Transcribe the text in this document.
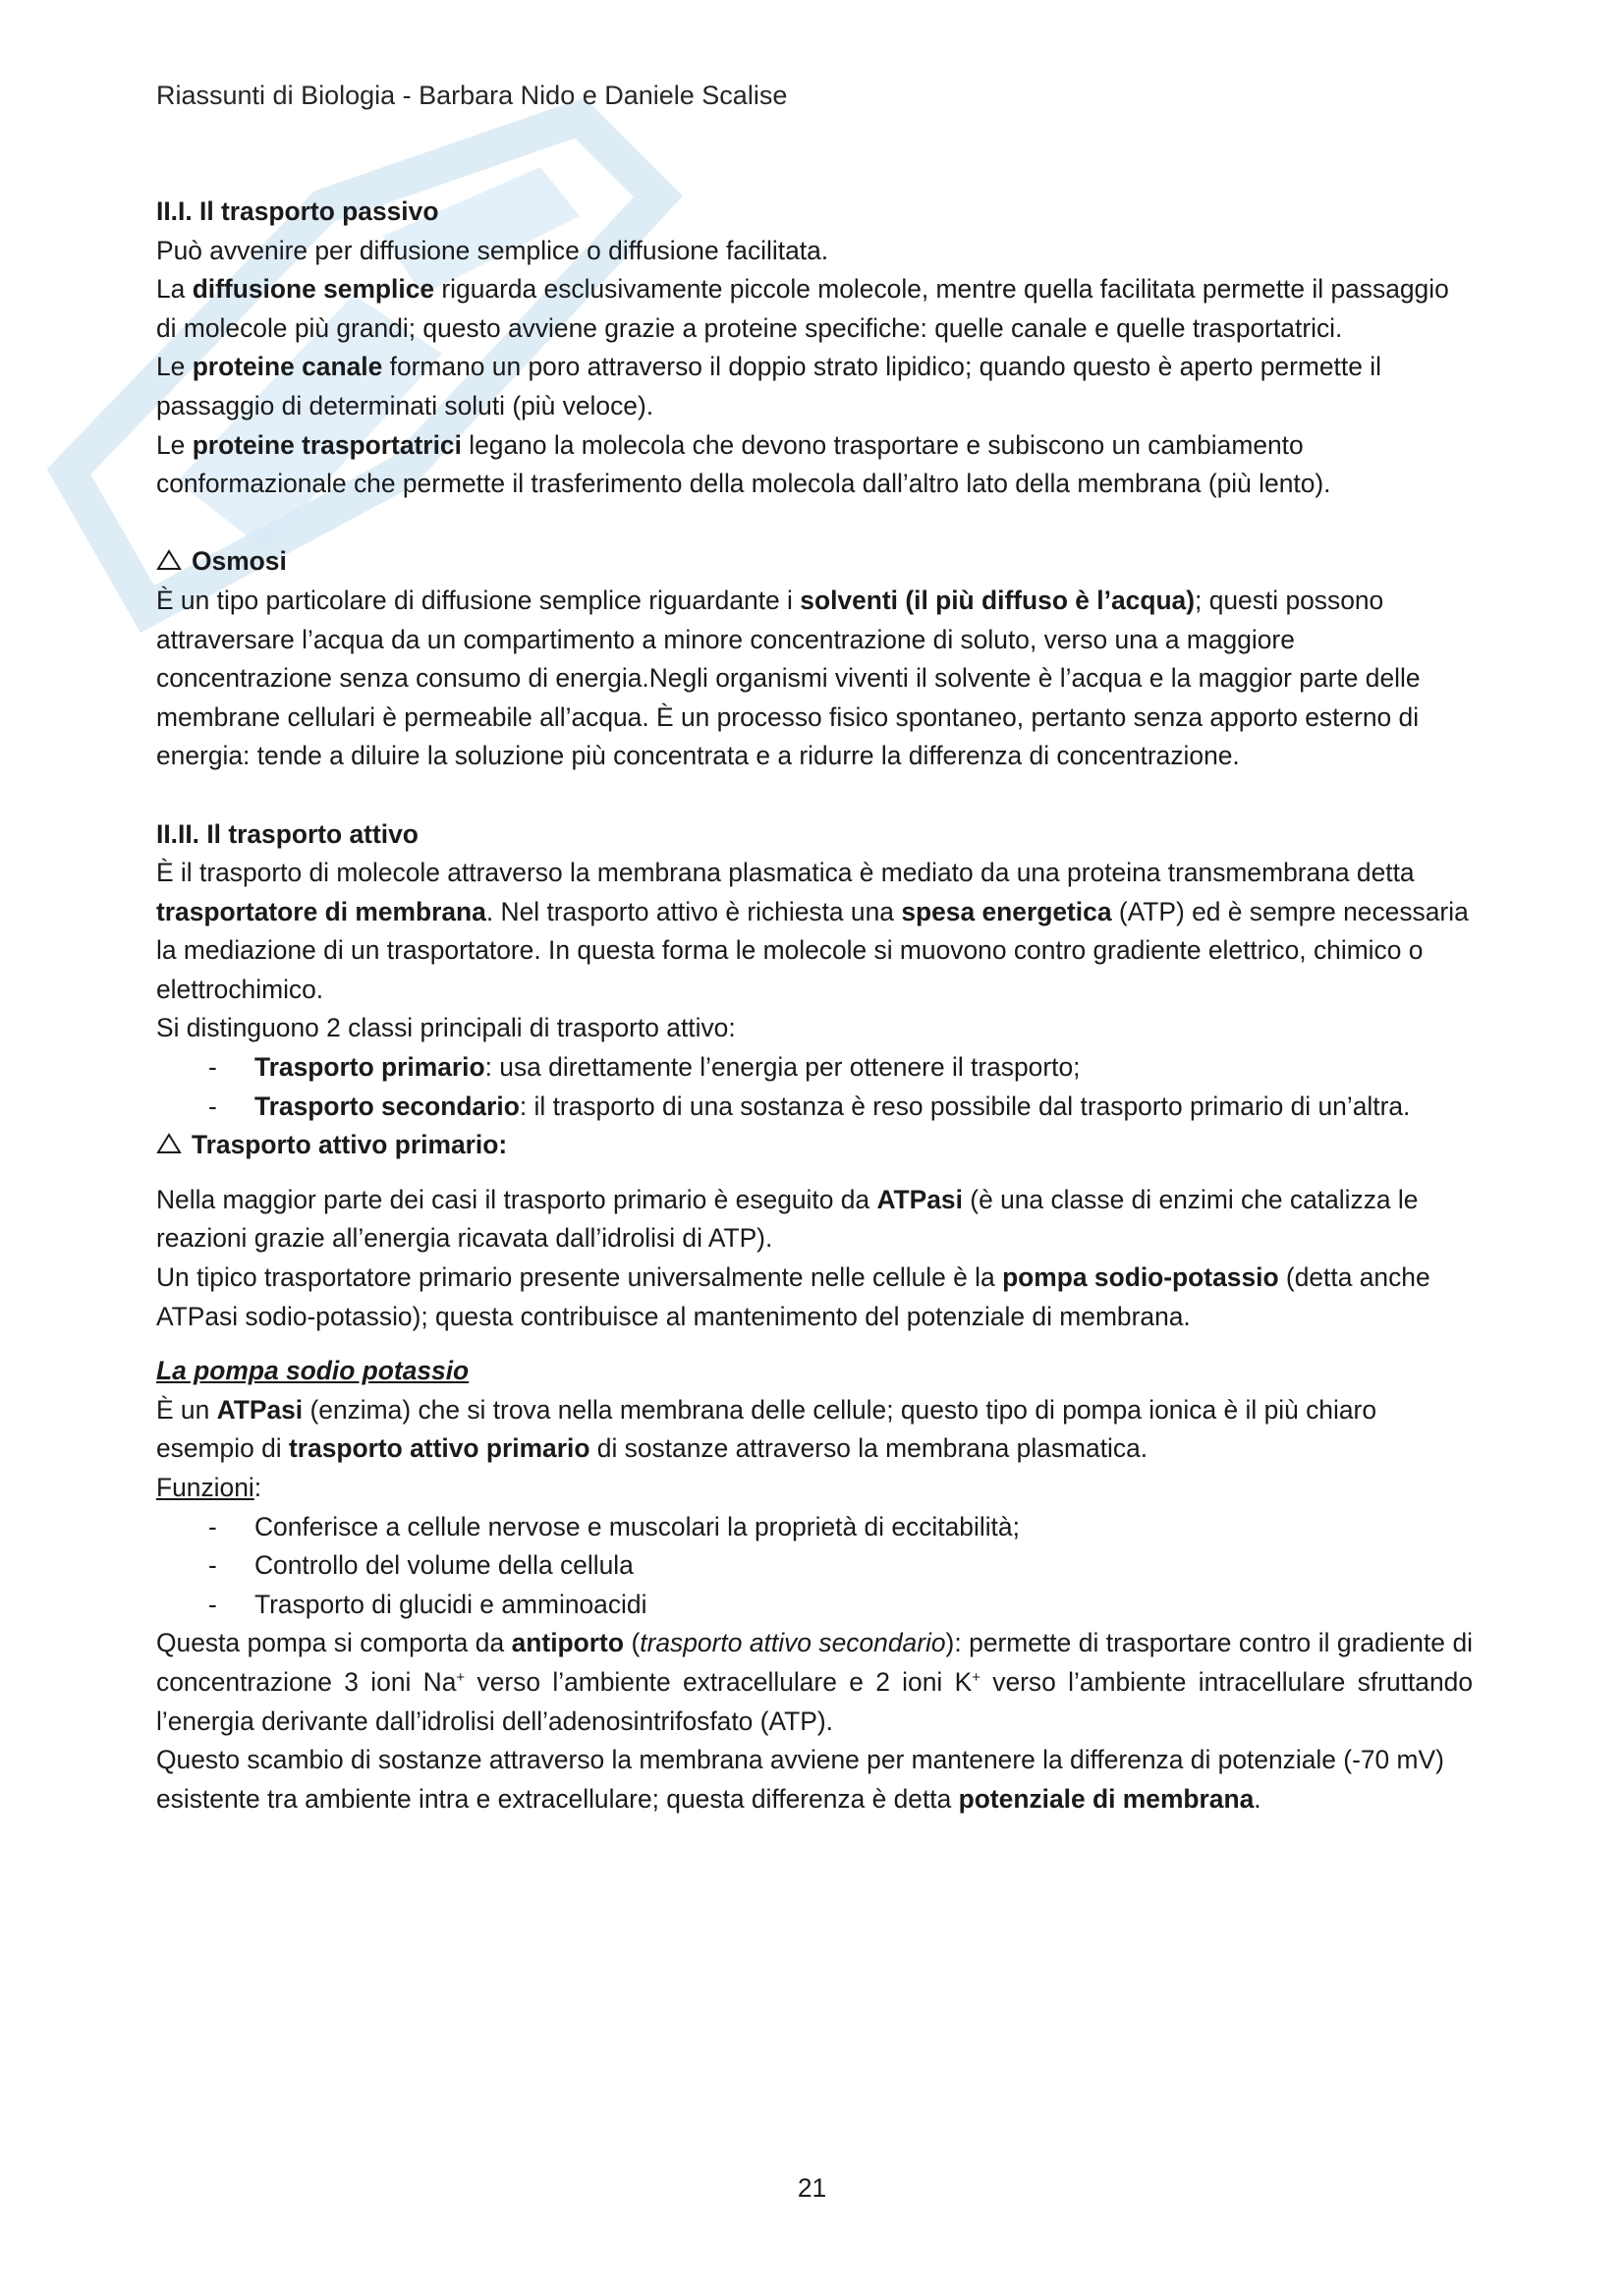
Riassunti di Biologia - Barbara Nido e Daniele Scalise
II.I. Il trasporto passivo

Può avvenire per diffusione semplice o diffusione facilitata.

La diffusione semplice riguarda esclusivamente piccole molecole, mentre quella facilitata permette il passaggio di molecole più grandi; questo avviene grazie a proteine specifiche: quelle canale e quelle trasportatrici.

Le proteine canale formano un poro attraverso il doppio strato lipidico; quando questo è aperto permette il passaggio di determinati soluti (più veloce).

Le proteine trasportatrici legano la molecola che devono trasportare e subiscono un cambiamento conformazionale che permette il trasferimento della molecola dall’altro lato della membrana (più lento).

Osmosi

È un tipo particolare di diffusione semplice riguardante i solventi (il più diffuso è l’acqua); questi possono attraversare l’acqua da un compartimento a minore concentrazione di soluto, verso una a maggiore concentrazione senza consumo di energia.Negli organismi viventi il solvente è l’acqua e la maggior parte delle membrane cellulari è permeabile all’acqua. È un processo fisico spontaneo, pertanto senza apporto esterno di energia: tende a diluire la soluzione più concentrata e a ridurre la differenza di concentrazione.

II.II. Il trasporto attivo

È il trasporto di molecole attraverso la membrana plasmatica è mediato da una proteina transmembrana detta trasportatore di membrana. Nel trasporto attivo è richiesta una spesa energetica (ATP) ed è sempre necessaria la mediazione di un trasportatore. In questa forma le molecole si muovono contro gradiente elettrico, chimico o elettrochimico.

Si distinguono 2 classi principali di trasporto attivo:

- Trasporto primario: usa direttamente l’energia per ottenere il trasporto;
- Trasporto secondario: il trasporto di una sostanza è reso possibile dal trasporto primario di un’altra.
Trasporto attivo primario:

Nella maggior parte dei casi il trasporto primario è eseguito da ATPasi (è una classe di enzimi che catalizza le reazioni grazie all’energia ricavata dall’idrolisi di ATP).

Un tipico trasportatore primario presente universalmente nelle cellule è la pompa sodio-potassio (detta anche ATPasi sodio-potassio); questa contribuisce al mantenimento del potenziale di membrana.

La pompa sodio potassio

È un ATPasi (enzima) che si trova nella membrana delle cellule; questo tipo di pompa ionica è il più chiaro esempio di trasporto attivo primario di sostanze attraverso la membrana plasmatica.

Funzioni:

- Conferisce a cellule nervose e muscolari la proprietà di eccitabilità;
- Controllo del volume della cellula
- Trasporto di glucidi e amminoacidi

Questa pompa si comporta da antiporto (trasporto attivo secondario): permette di trasportare contro il gradiente di concentrazione 3 ioni Na+ verso l’ambiente extracellulare e 2 ioni K+ verso l’ambiente intracellulare sfruttando l’energia derivante dall’idrolisi dell’adenosintrifosfato (ATP).

Questo scambio di sostanze attraverso la membrana avviene per mantenere la differenza di potenziale (-70 mV) esistente tra ambiente intra e extracellulare; questa differenza è detta potenziale di membrana.

21
